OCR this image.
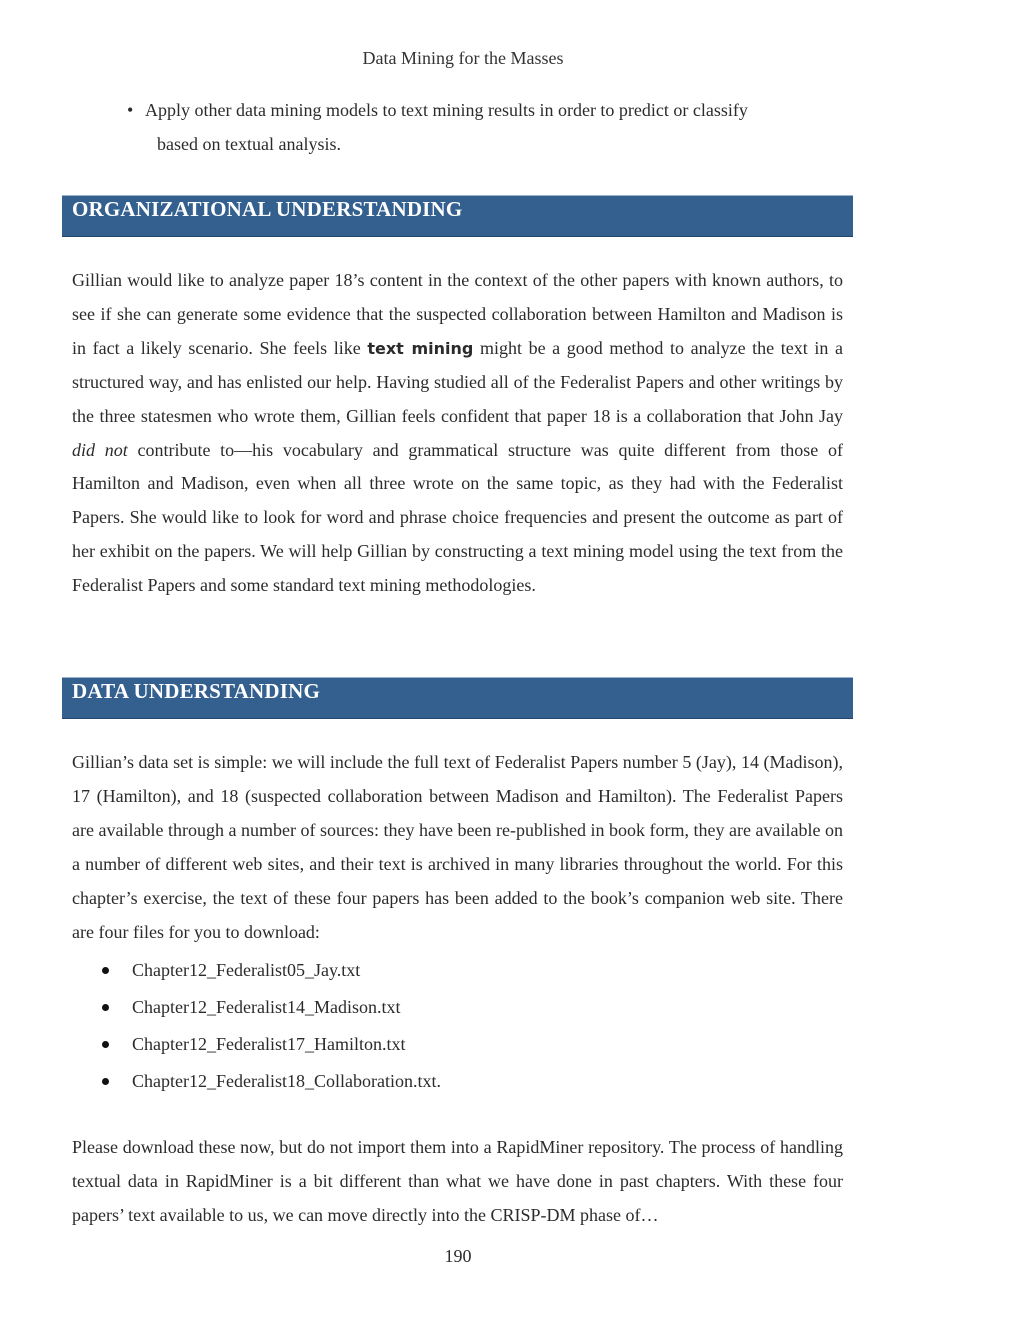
Data Mining for the Masses
• Apply other data mining models to text mining results in order to predict or classify
based on textual analysis.
ORGANIZATIONAL UNDERSTANDING

Gillian would like to analyze paper 18’s content in the context of the other papers with known authors, to see if she can generate some evidence that the suspected collaboration between Hamilton and Madison is in fact a likely scenario. She feels like text mining might be a good method to analyze the text in a structured way, and has enlisted our help. Having studied all of the Federalist Papers and other writings by the three statesmen who wrote them, Gillian feels confident that paper 18 is a collaboration that John Jay did not contribute to—his vocabulary and grammatical structure was quite different from those of Hamilton and Madison, even when all three wrote on the same topic, as they had with the Federalist Papers. She would like to look for word and phrase choice frequencies and present the outcome as part of her exhibit on the papers. We will help Gillian by constructing a text mining model using the text from the Federalist Papers and some standard text mining methodologies.

DATA UNDERSTANDING

Gillian’s data set is simple: we will include the full text of Federalist Papers number 5 (Jay), 14 (Madison), 17 (Hamilton), and 18 (suspected collaboration between Madison and Hamilton). The Federalist Papers are available through a number of sources: they have been re-published in book form, they are available on a number of different web sites, and their text is archived in many libraries throughout the world. For this chapter’s exercise, the text of these four papers has been added to the book’s companion web site. There are four files for you to download:

Chapter12_Federalist05_Jay.txt
Chapter12_Federalist14_Madison.txt
Chapter12_Federalist17_Hamilton.txt
Chapter12_Federalist18_Collaboration.txt.

Please download these now, but do not import them into a RapidMiner repository. The process of handling textual data in RapidMiner is a bit different than what we have done in past chapters. With these four papers’ text available to us, we can move directly into the CRISP-DM phase of…

190
